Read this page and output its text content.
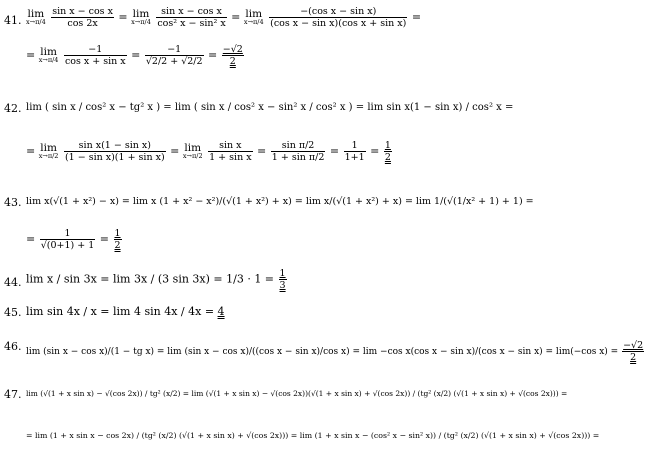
41. lim
x→π/4
$\frac{\text{sin x − cos x}}{\cos 2x} = \lim$
x→π/4
$\frac{\text{sin x − cos x}}{\text{cos² x − sin² x}} = \lim$
x→π/4
$\frac{\text{−(cos x − sin x)}}{\text{(cos x − sin x)(cos x + sin x)}}$ =
= lim
x→π/4
$\frac{-1}{\text{cos x + sin x}} = \frac{-1}{√2/2 + √2/2} = \frac{-√2}{2}$
42. lim ( sin x / cos² x − tg² x ) = lim ( sin x / cos² x − sin² x / cos² x ) = lim sin x(1 − sin x) / cos² x =
= lim
x→π/2
$\frac{\text{sin x(1 − sin x)}}{\text{(1 − sin x)(1 + sin x)}} = \lim$
x→π/2
$\frac{\text{sin x}}{\text{1 + sin x}} = \frac{\text{sin π/2}}{\text{1 + sin π/2}} = \frac{1}{1+1} = \frac{1}{2}$
43. lim x(√(1 + x²) − x) = lim x (1 + x² − x²)/(√(1 + x²) + x) = lim x/(√(1 + x²) + x) = lim 1/(√(1/x² + 1) + 1) =
= $\frac{1}{√(0+1) + 1} = \frac{1}{2}$
44. lim x / sin 3x = lim 3x / (3 $\sin 3x) = 1/3 \cdot 1 = \frac{1}{3}$
45. lim sin 4x / x = lim 4 sin 4x / 4x = 4
46. lim (sin x − cos x)/(1 − tg x) = lim (sin x − cos x)/((cos x − sin x)/cos x) = lim −cos x(cos x − sin x)/(cos x − sin x) = lim(−cos $x) = \frac{-√2}{2}$
47. lim (√(1 + x sin x) − √(cos 2x)) / tg² (x/2) = lim (√(1 + x sin x) − √(cos 2x))(√(1 + x sin x) + √(cos 2x)) / (tg² (x/2) (√(1 + x sin x) + √(cos 2x))) =
= lim (1 + x sin x − cos 2x) / (tg² (x/2) (√(1 + x sin x) + √(cos 2x))) = lim (1 + x sin x − (cos² x − sin² x)) / (tg² (x/2) (√(1 + x sin x) + √(cos 2x))) =
